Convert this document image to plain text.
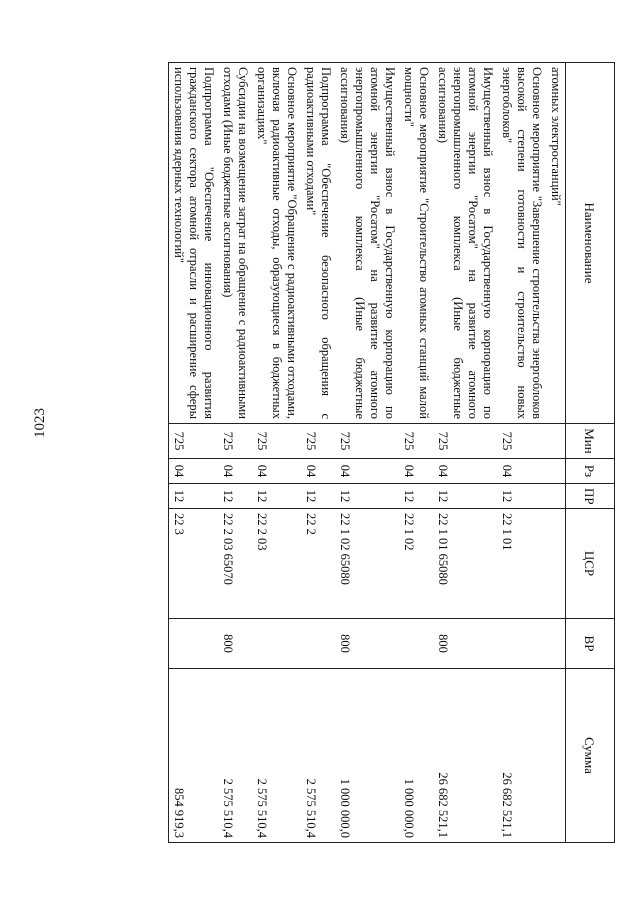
1023
Наименование	Мин	Рз	ПР	ЦСР	ВР	Сумма
атомных электростанций"						
Основное мероприятие "Завершение строительства энергоблоков высокой степени готовности и строительство новых энергоблоков"	725	04	12	22 1 01		26 682 521,1
Имущественный взнос в Государственную корпорацию по атомной энергии "Росатом" на развитие атомного энергопромышленного комплекса (Иные бюджетные ассигнования)	725	04	12	22 1 01 65080	800	26 682 521,1
Основное мероприятие "Строительство атомных станций малой мощности"	725	04	12	22 1 02		1 000 000,0
Имущественный взнос в Государственную корпорацию по атомной энергии "Росатом" на развитие атомного энергопромышленного комплекса (Иные бюджетные ассигнования)	725	04	12	22 1 02 65080	800	1 000 000,0
Подпрограмма "Обеспечение безопасного обращения с радиоактивными отходами"	725	04	12	22 2		2 575 510,4
Основное мероприятие "Обращение с радиоактивными отходами, включая радиоактивные отходы, образующиеся в бюджетных организациях"	725	04	12	22 2 03		2 575 510,4
Субсидии на возмещение затрат на обращение с радиоактивными отходами (Иные бюджетные ассигнования)	725	04	12	22 2 03 65070	800	2 575 510,4
Подпрограмма "Обеспечение инновационного развития гражданского сектора атомной отрасли и расширение сферы использования ядерных технологий"	725	04	12	22 3		854 919,3
